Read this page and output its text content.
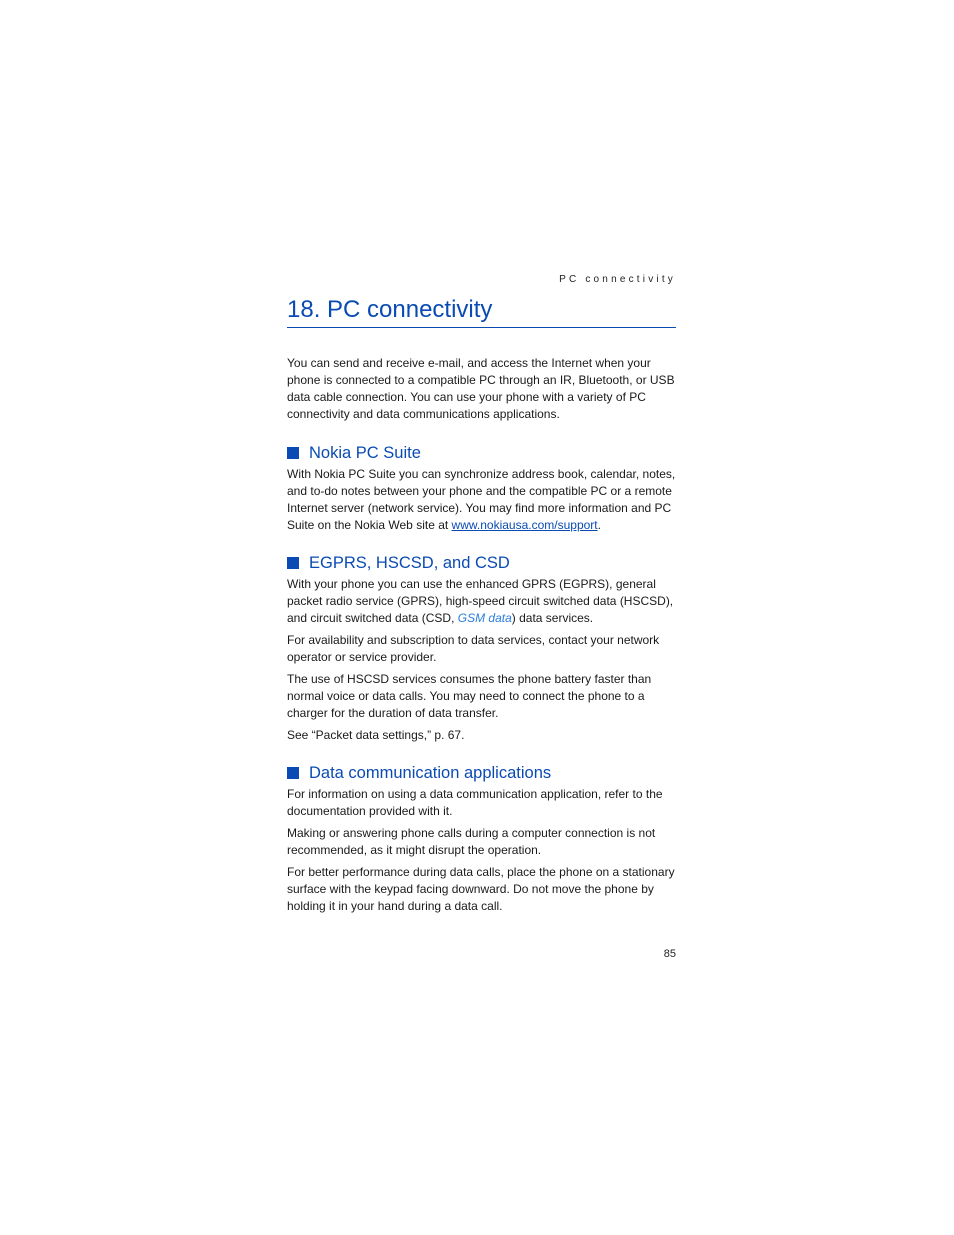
PC connectivity
18. PC connectivity

You can send and receive e-mail, and access the Internet when your phone is connected to a compatible PC through an IR, Bluetooth, or USB data cable connection. You can use your phone with a variety of PC connectivity and data communications applications.

Nokia PC Suite

With Nokia PC Suite you can synchronize address book, calendar, notes, and to-do notes between your phone and the compatible PC or a remote Internet server (network service). You may find more information and PC Suite on the Nokia Web site at www.nokiausa.com/support.

EGPRS, HSCSD, and CSD

With your phone you can use the enhanced GPRS (EGPRS), general packet radio service (GPRS), high-speed circuit switched data (HSCSD), and circuit switched data (CSD, GSM data) data services.

For availability and subscription to data services, contact your network operator or service provider.

The use of HSCSD services consumes the phone battery faster than normal voice or data calls. You may need to connect the phone to a charger for the duration of data transfer.

See “Packet data settings,” p. 67.

Data communication applications

For information on using a data communication application, refer to the documentation provided with it.

Making or answering phone calls during a computer connection is not recommended, as it might disrupt the operation.

For better performance during data calls, place the phone on a stationary surface with the keypad facing downward. Do not move the phone by holding it in your hand during a data call.

85
